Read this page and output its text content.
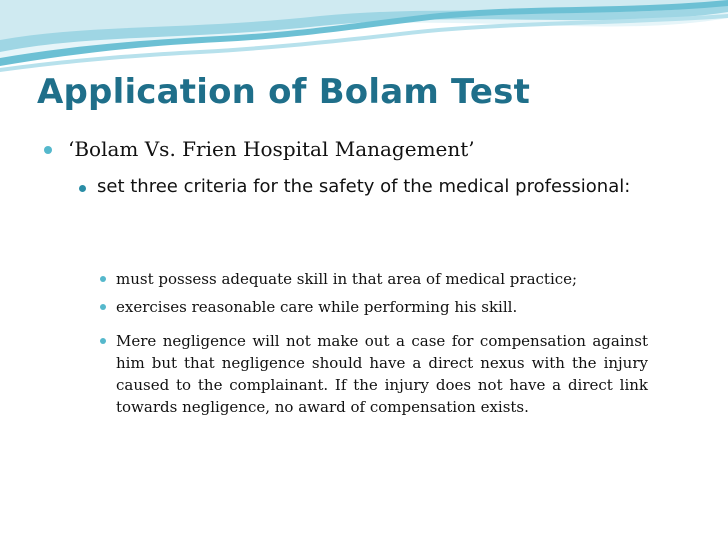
Application of Bolam Test

‘Bolam Vs. Frien Hospital Management’

set three criteria for the safety of the medical professional:

must possess adequate skill in that area of medical practice;

exercises reasonable care while performing his skill.

Mere negligence will not make out a case for compensation against him but that negligence should have a direct nexus with the injury caused to the complainant. If the injury does not have a direct link towards negligence, no award of compensation exists.
